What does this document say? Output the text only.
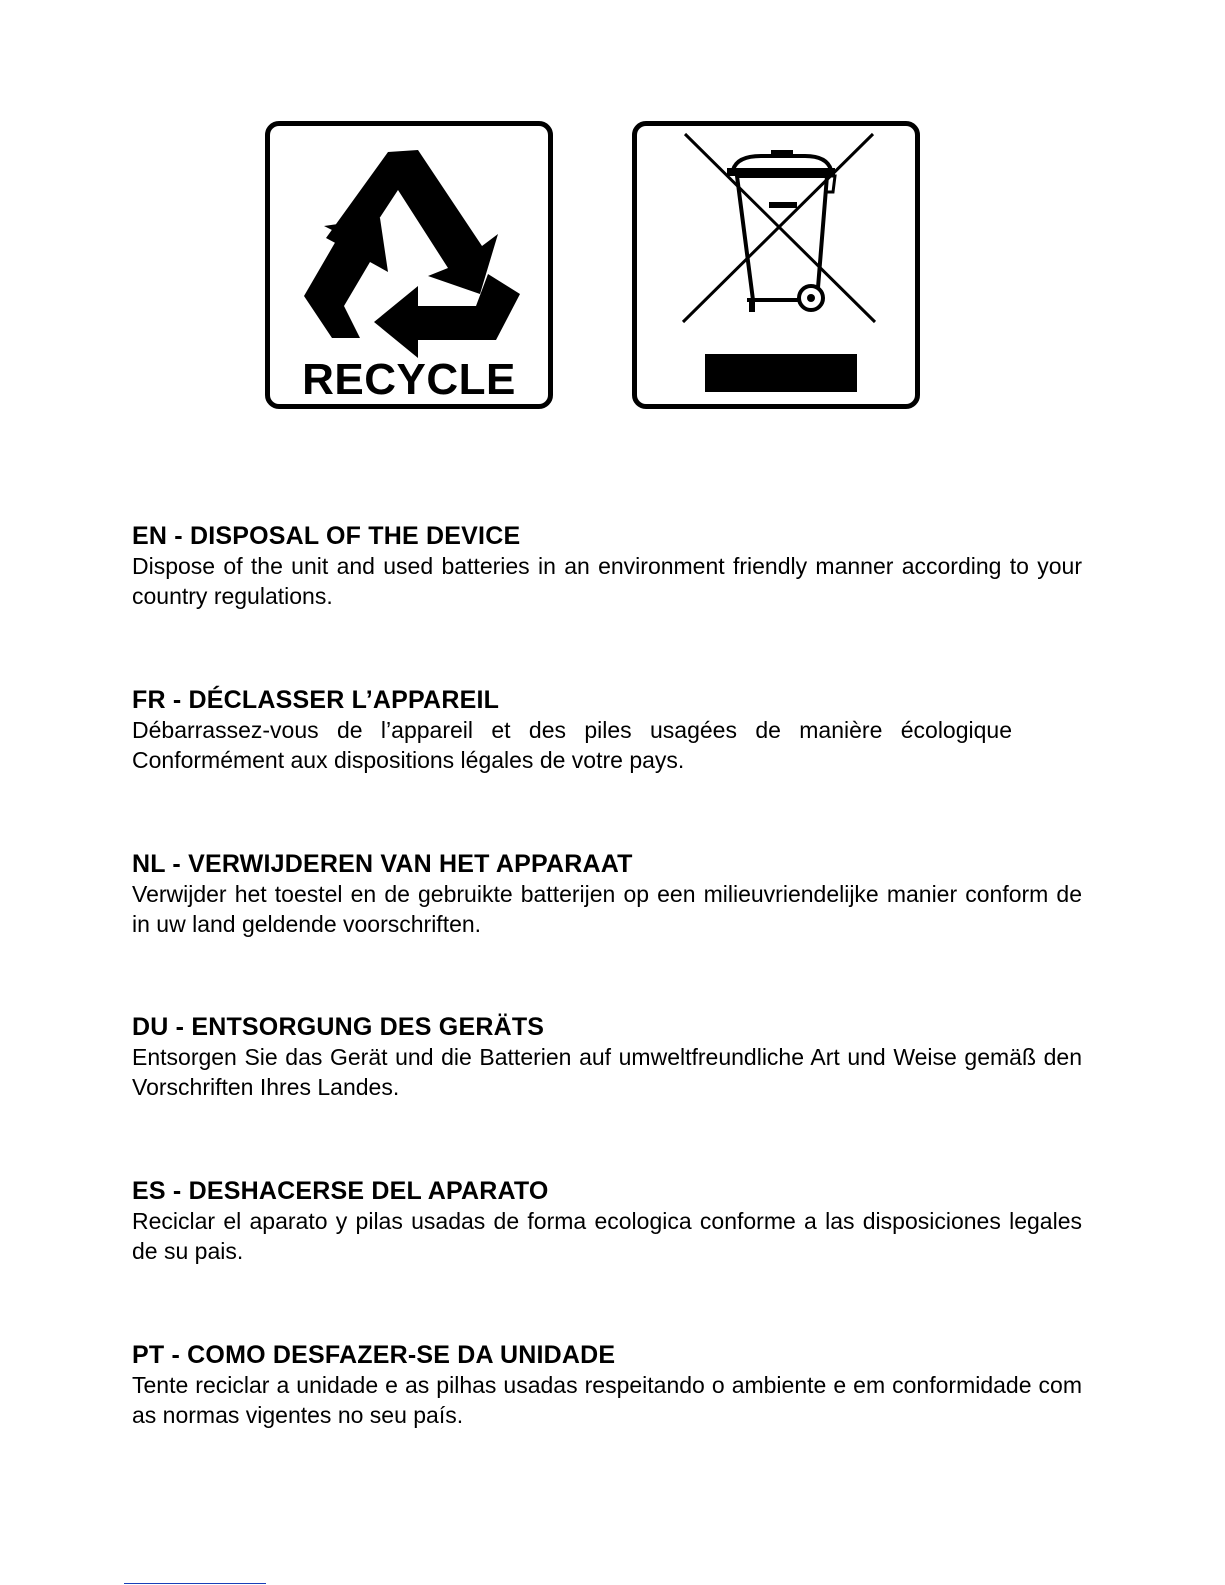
RECYCLE
EN - DISPOSAL OF THE DEVICE

Dispose of the unit and used batteries in an environment friendly manner according to your country regulations.

FR - DÉCLASSER L’APPAREIL

Débarrassez-vous de l’appareil et des piles usagées de manière écologique Conformément aux dispositions légales de votre pays.

NL - VERWIJDEREN VAN HET APPARAAT

Verwijder het toestel en de gebruikte batterijen op een milieuvriendelijke manier conform de in uw land geldende voorschriften.

DU - ENTSORGUNG DES GERÄTS

Entsorgen Sie das Gerät und die Batterien auf umweltfreundliche Art und Weise gemäß den Vorschriften Ihres Landes.

ES - DESHACERSE DEL APARATO

Reciclar el aparato y pilas usadas de forma ecologica conforme a las disposiciones legales de su pais.

PT - COMO DESFAZER-SE DA UNIDADE

Tente reciclar a unidade e as pilhas usadas respeitando o ambiente e em conformidade com as normas vigentes no seu país.
